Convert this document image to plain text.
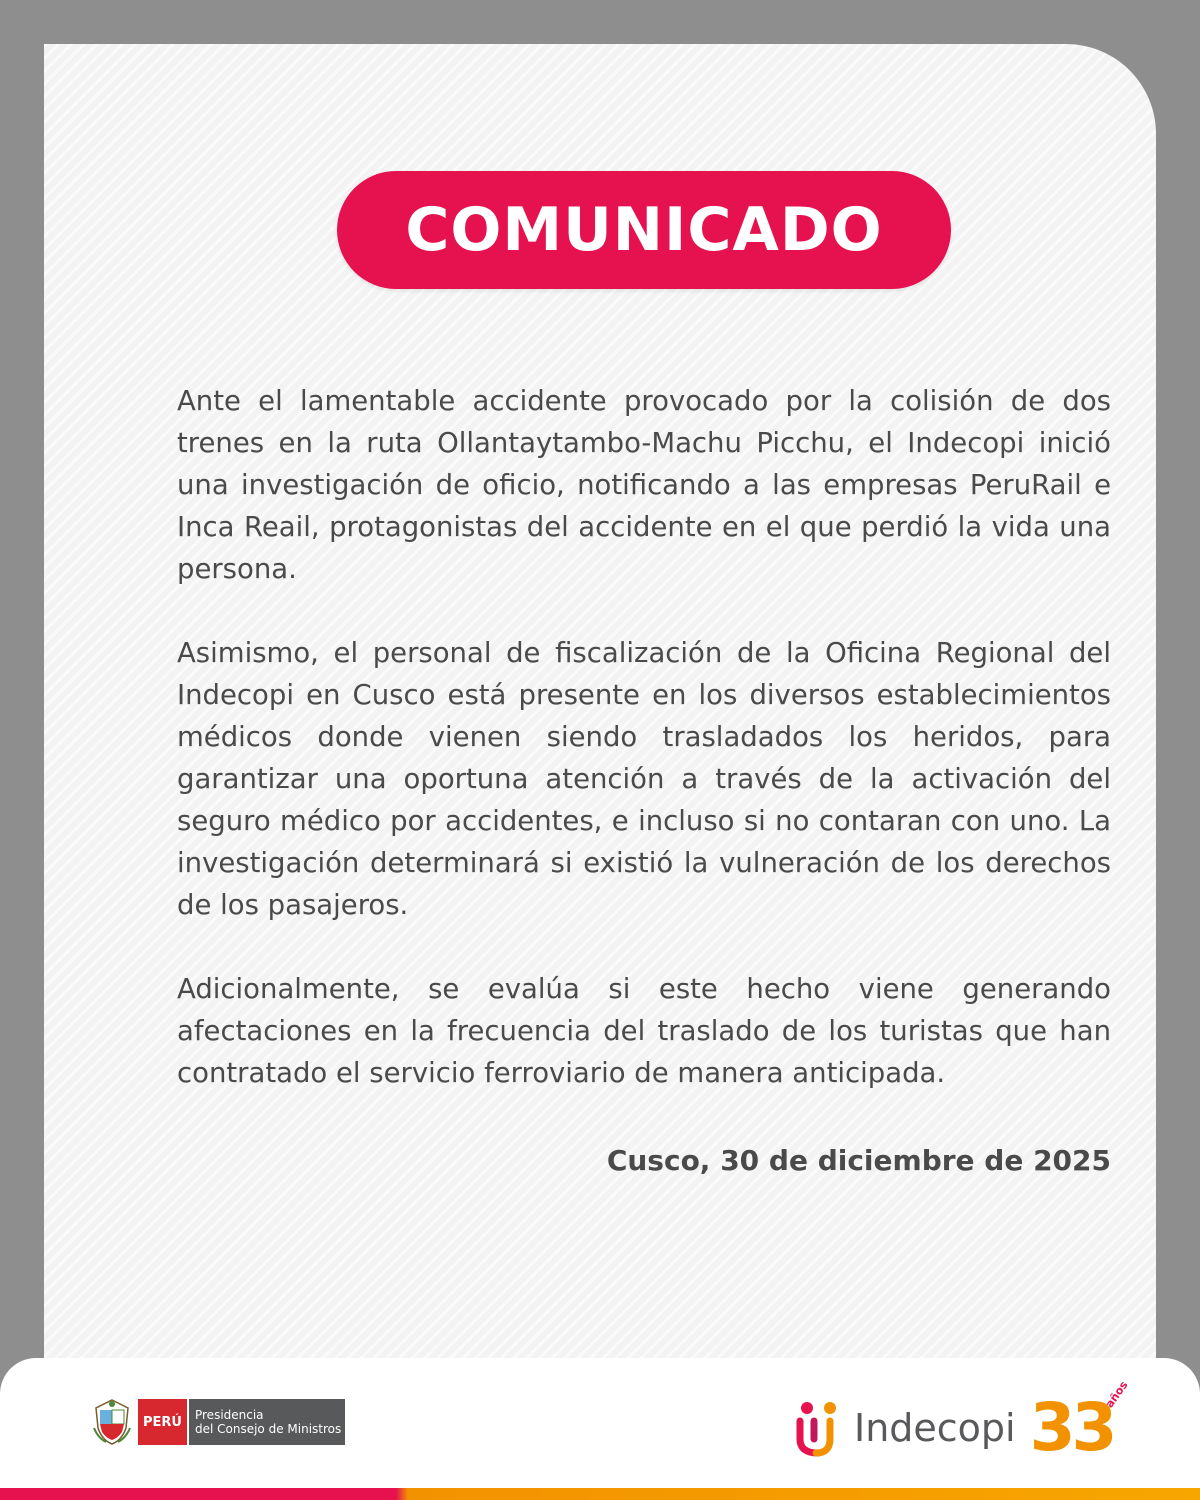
COMUNICADO

Ante el lamentable accidente provocado por la colisión de dos trenes en la ruta Ollantaytambo-Machu Picchu, el Indecopi inició una investigación de oficio, notificando a las empresas PeruRail e Inca Reail, protagonistas del accidente en el que perdió la vida una persona.

Asimismo, el personal de fiscalización de la Oficina Regional del Indecopi en Cusco está presente en los diversos establecimientos médicos donde vienen siendo trasladados los heridos, para garantizar una oportuna atención a través de la activación del seguro médico por accidentes, e incluso si no contaran con uno. La investigación determinará si existió la vulneración de los derechos de los pasajeros.

Adicionalmente, se evalúa si este hecho viene generando afectaciones en la frecuencia del traslado de los turistas que han contratado el servicio ferroviario de manera anticipada.

Cusco, 30 de diciembre de 2025
PERÚ	Presidencia
del Consejo de Ministros	Indecopi 33
años
